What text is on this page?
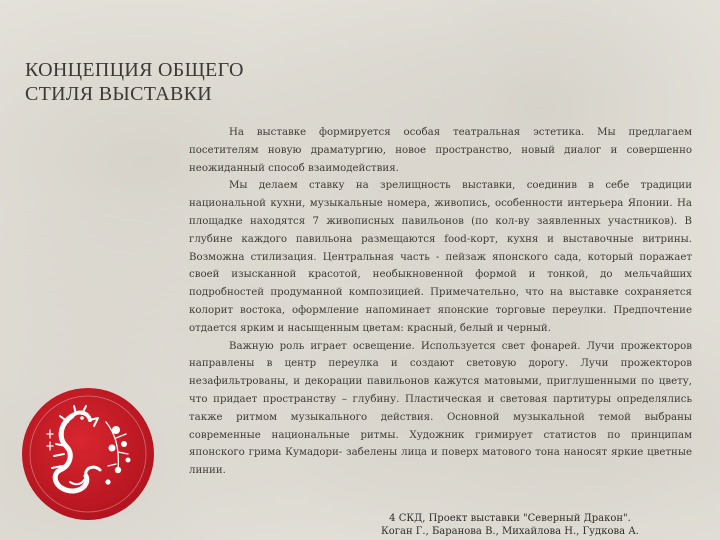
КОНЦЕПЦИЯ ОБЩЕГО
СТИЛЯ ВЫСТАВКИ

На выставке формируется особая театральная эстетика. Мы предлагаем посетителям новую драматургию, новое пространство, новый диалог и совершенно неожиданный способ взаимодействия.

Мы делаем ставку на зрелищность выставки, соединив в себе традиции национальной кухни, музыкальные номера, живопись, особенности интерьера Японии. На площадке находятся 7 живописных павильонов (по кол-ву заявленных участников). В глубине каждого павильона размещаются food-корт, кухня и выставочные витрины. Возможна стилизация. Центральная часть - пейзаж японского сада, который поражает своей изысканной красотой, необыкновенной формой и тонкой, до мельчайших подробностей продуманной композицией. Примечательно, что на выставке сохраняется колорит востока, оформление напоминает японские торговые переулки. Предпочтение отдается ярким и насыщенным цветам: красный, белый и черный.

Важную роль играет освещение. Используется свет фонарей. Лучи прожекторов направлены в центр переулка и создают световую дорогу. Лучи прожекторов незафильтрованы, и декорации павильонов кажутся матовыми, приглушенными по цвету, что придает пространству – глубину. Пластическая и световая партитуры определялись также ритмом музыкального действия. Основной музыкальной темой выбраны современные национальные ритмы. Художник гримирует статистов по принципам японского грима Кумадори- забелены лица и поверх матового тона наносят яркие цветные линии.

4 СКД, Проект выставки "Северный Дракон".
Коган Г., Баранова В., Михайлова Н., Гудкова А.
